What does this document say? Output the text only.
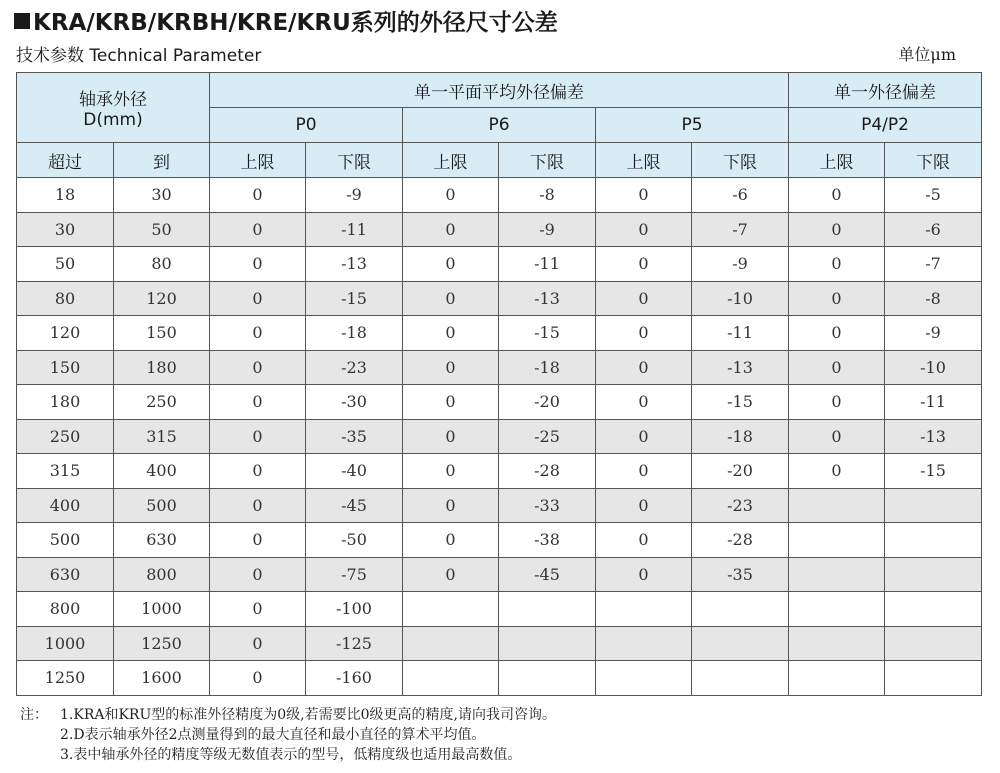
KRA/KRB/KRBH/KRE/KRU系列的外径尺寸公差
技术参数 Technical Parameter	单位μm
轴承外径
D(mm)		单一平面平均外径偏差						单一外径偏差	
		P0		P6		P5		P4/P2	
超过	到	上限	下限	上限	下限	上限	下限	上限	下限
18	30	0	-9	0	-8	0	-6	0	-5
30	50	0	-11	0	-9	0	-7	0	-6
50	80	0	-13	0	-11	0	-9	0	-7
80	120	0	-15	0	-13	0	-10	0	-8
120	150	0	-18	0	-15	0	-11	0	-9
150	180	0	-23	0	-18	0	-13	0	-10
180	250	0	-30	0	-20	0	-15	0	-11
250	315	0	-35	0	-25	0	-18	0	-13
315	400	0	-40	0	-28	0	-20	0	-15
400	500	0	-45	0	-33	0	-23		
500	630	0	-50	0	-38	0	-28		
630	800	0	-75	0	-45	0	-35		
800	1000	0	-100						
1000	1250	0	-125						
1250	1600	0	-160						
注： 1.KRA和KRU型的标准外径精度为0级,若需要比0级更高的精度,请向我司咨询。
2.D表示轴承外径2点测量得到的最大直径和最小直径的算术平均值。
3.表中轴承外径的精度等级无数值表示的型号，低精度级也适用最高数值。
